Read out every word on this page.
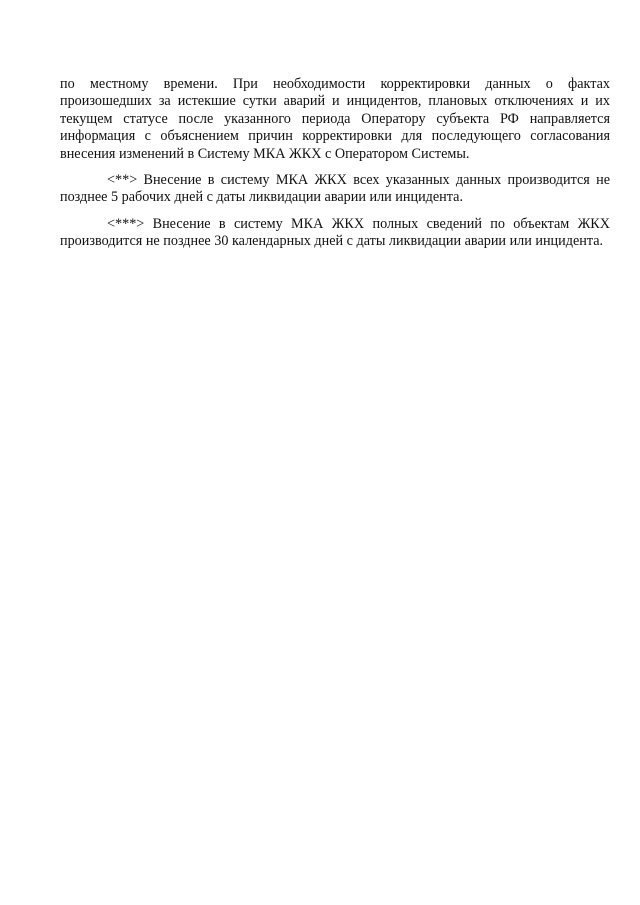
по местному времени. При необходимости корректировки данных о фактах произошедших за истекшие сутки аварий и инцидентов, плановых отключениях и их текущем статусе после указанного периода Оператору субъекта РФ направляется информация с объяснением причин корректировки для последующего согласования внесения изменений в Систему МКА ЖКХ с Оператором Системы.

<**> Внесение в систему МКА ЖКХ всех указанных данных производится не позднее 5 рабочих дней с даты ликвидации аварии или инцидента.

<***> Внесение в систему МКА ЖКХ полных сведений по объектам ЖКХ производится не позднее 30 календарных дней с даты ликвидации аварии или инцидента.
